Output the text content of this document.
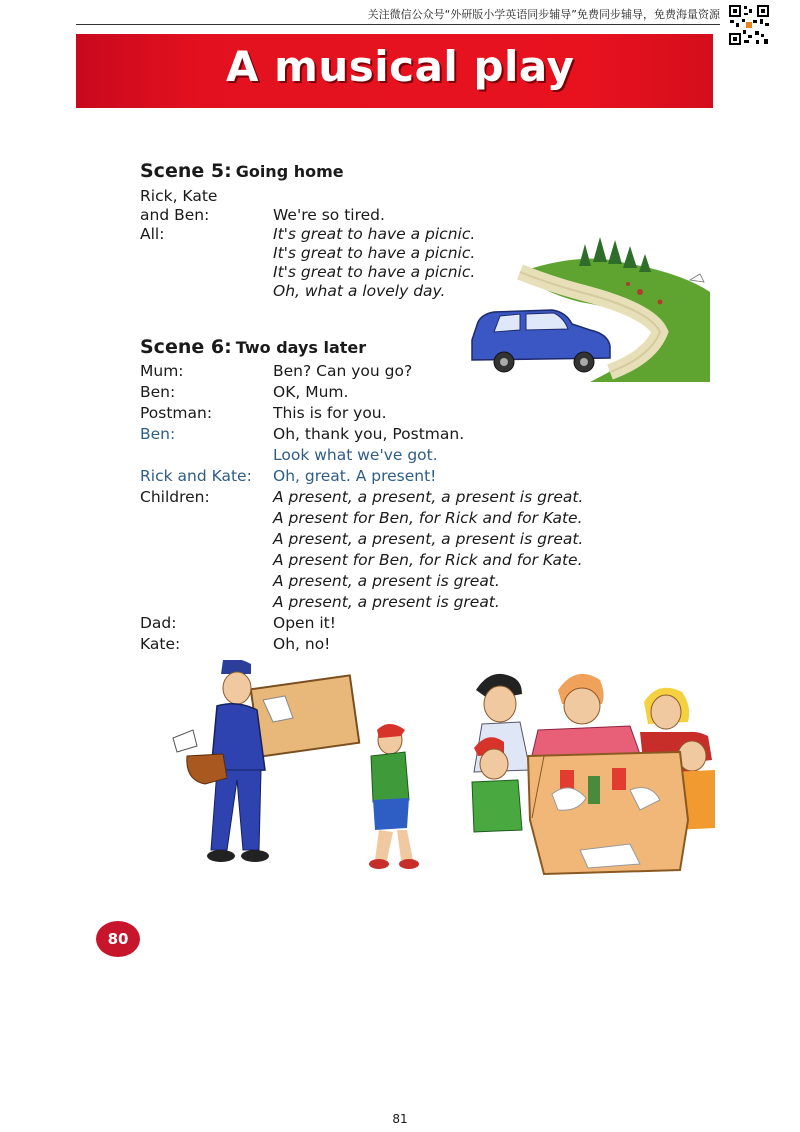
关注微信公众号“外研版小学英语同步辅导”免费同步辅导，免费海量资源
A musical play
Scene 5: Going home
Rick, Kate
and Ben:	We're so tired.
All:	It's great to have a picnic.
It's great to have a picnic.
It's great to have a picnic.
Oh, what a lovely day.
Scene 6: Two days later
Mum:	Ben? Can you go?
Ben:	OK, Mum.
Postman:	This is for you.
Ben:	Oh, thank you, Postman.
Look what we've got.
Rick and Kate: Oh, great. A present!
Children:	A present, a present, a present is great.
A present for Ben, for Rick and for Kate.
A present, a present, a present is great.
A present for Ben, for Rick and for Kate.
A present, a present is great.
A present, a present is great.
Dad:	Open it!
Kate:	Oh, no!
80
81
